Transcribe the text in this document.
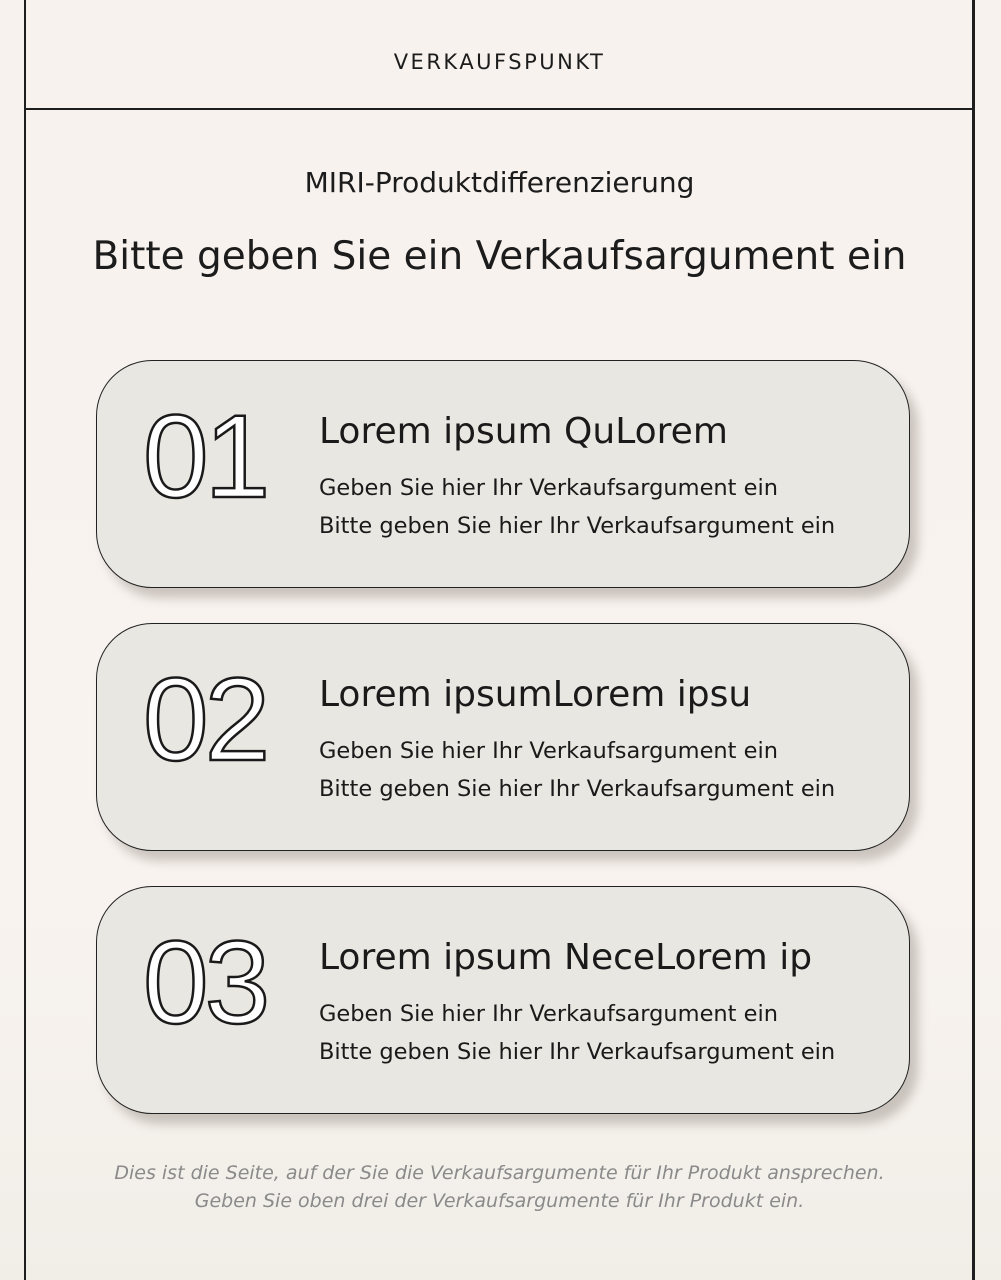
VERKAUFSPUNKT
MIRI-Produktdifferenzierung
Bitte geben Sie ein Verkaufsargument ein
01 Lorem ipsum QuLorem
Geben Sie hier Ihr Verkaufsargument ein
Bitte geben Sie hier Ihr Verkaufsargument ein
02 Lorem ipsumLorem ipsu
Geben Sie hier Ihr Verkaufsargument ein
Bitte geben Sie hier Ihr Verkaufsargument ein
03 Lorem ipsum NeceLorem ip
Geben Sie hier Ihr Verkaufsargument ein
Bitte geben Sie hier Ihr Verkaufsargument ein
Dies ist die Seite, auf der Sie die Verkaufsargumente für Ihr Produkt ansprechen.
Geben Sie oben drei der Verkaufsargumente für Ihr Produkt ein.
